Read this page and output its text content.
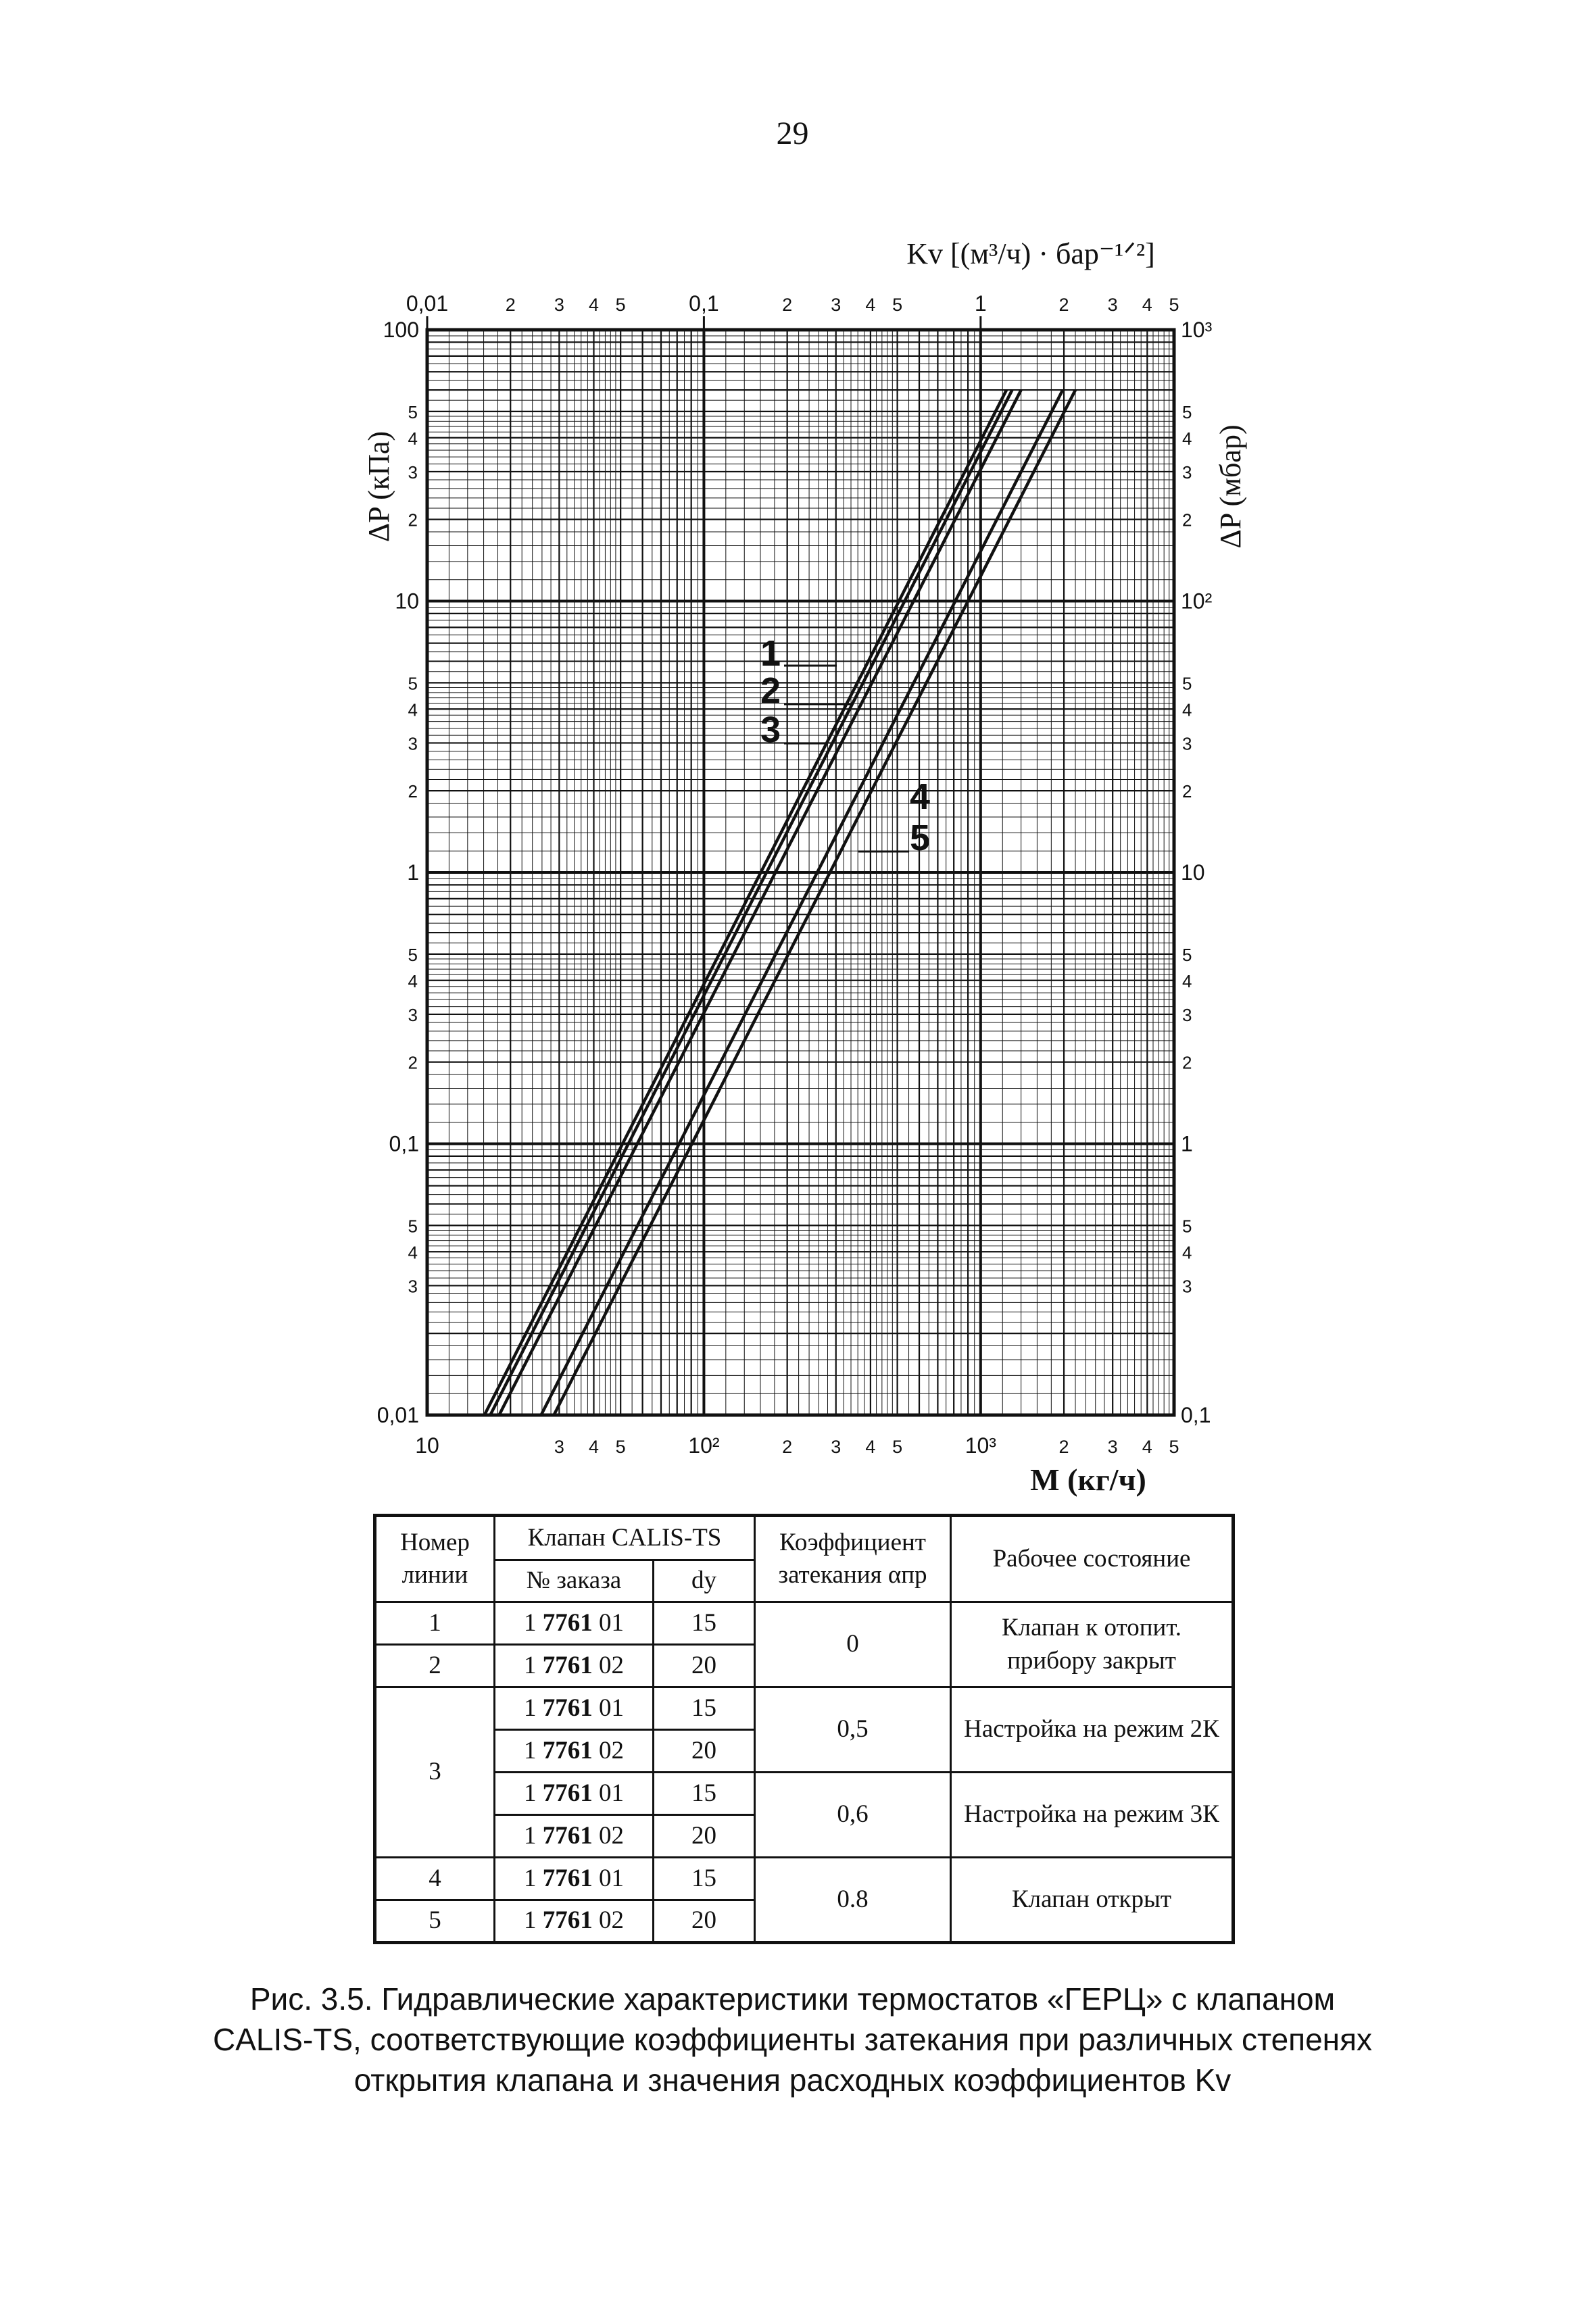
29
10	10²	10³
3 4 5	2 3 4 5	2 3 4 5
0,01	0,1	1
2 3 4 5	2 3 4 5	2 3 4 5
100
10
1
0,1
0,01
5
4
3
5
4
3
2
5
4
3
2
5
4
3
2
10³
10²
10
1
0,1
5
4
3
5
4
3
2
5
4
3
2
5
4
3
2
Kv [(м³/ч) · бар⁻¹ᐟ²]
M (кг/ч)
ΔP (кПа)	ΔP (мбар)
1
2
3
4
5
Номер линии	Клапан CALIS-TS		Коэффициент затекания αпр	Рабочее состояние
	№ заказа	dy		
1	1 7761 01	15	0	Клапан к отопит. прибору закрыт
2	1 7761 02	20		
3	1 7761 01	15	0,5	Настройка на режим 2К
	1 7761 02	20		
	1 7761 01	15	0,6	Настройка на режим 3К
	1 7761 02	20		
4	1 7761 01	15	0.8	Клапан открыт
5	1 7761 02	20		
Рис. 3.5. Гидравлические характеристики термостатов «ГЕРЦ» с клапаном
CALIS-TS, соответствующие коэффициенты затекания при различных степенях
открытия клапана и значения расходных коэффициентов Kv
